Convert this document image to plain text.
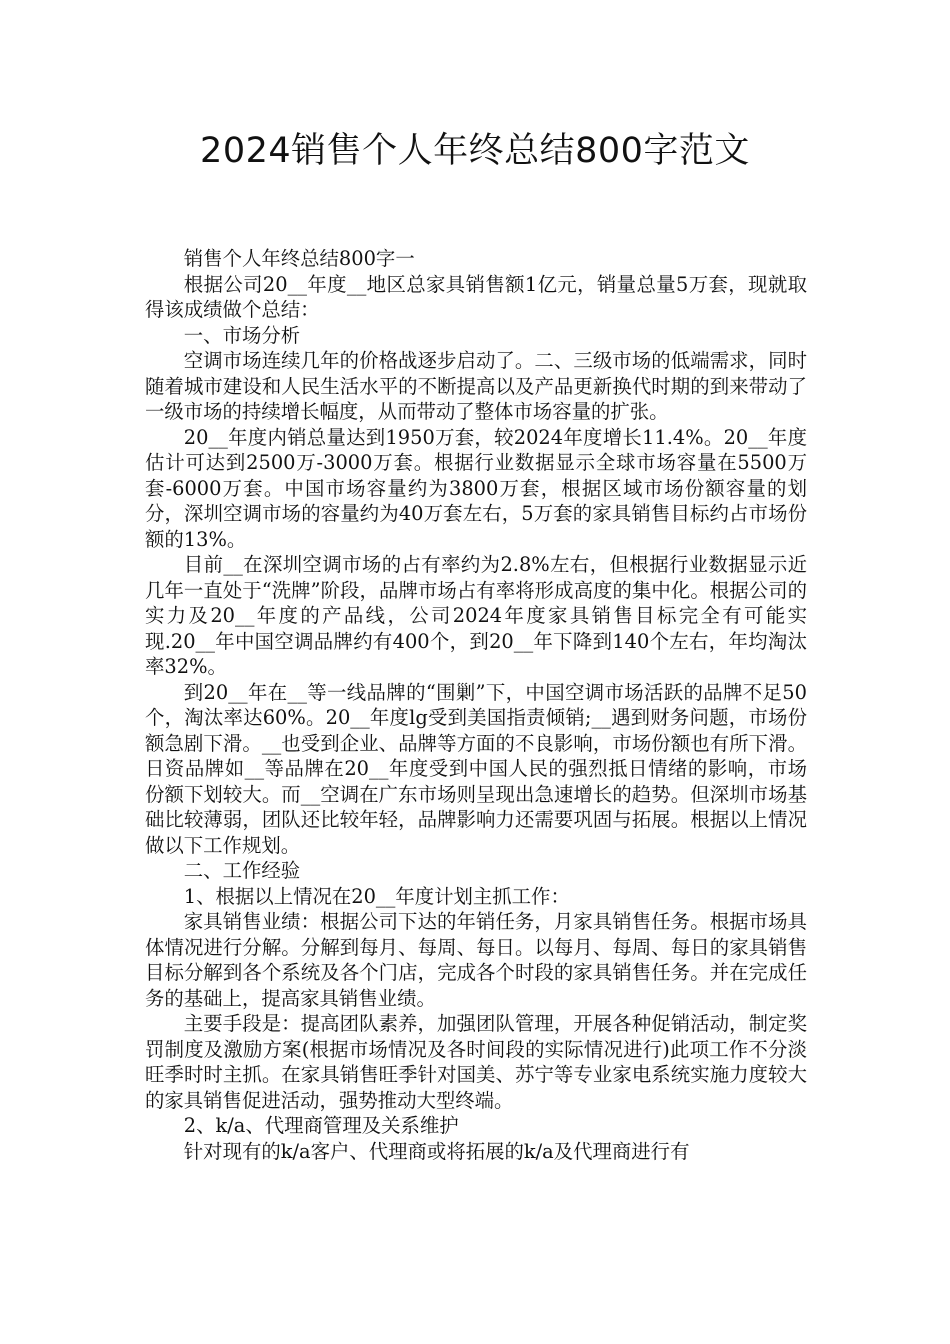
2024销售个人年终总结800字范文

销售个人年终总结800字一

根据公司20__年度__地区总家具销售额1亿元，销量总量5万套，现就取得该成绩做个总结：

一、市场分析

空调市场连续几年的价格战逐步启动了。二、三级市场的低端需求，同时随着城市建设和人民生活水平的不断提高以及产品更新换代时期的到来带动了一级市场的持续增长幅度，从而带动了整体市场容量的扩张。

20__年度内销总量达到1950万套，较2024年度增长11.4%。20__年度估计可达到2500万-3000万套。根据行业数据显示全球市场容量在5500万套-6000万套。中国市场容量约为3800万套，根据区域市场份额容量的划分，深圳空调市场的容量约为40万套左右，5万套的家具销售目标约占市场份额的13%。

目前__在深圳空调市场的占有率约为2.8%左右，但根据行业数据显示近几年一直处于“洗牌”阶段，品牌市场占有率将形成高度的集中化。根据公司的实力及20__年度的产品线，公司2024年度家具销售目标完全有可能实现.20__年中国空调品牌约有400个，到20__年下降到140个左右，年均淘汰率32%。

到20__年在__等一线品牌的“围剿”下，中国空调市场活跃的品牌不足50个，淘汰率达60%。20__年度lg受到美国指责倾销;__遇到财务问题，市场份额急剧下滑。__也受到企业、品牌等方面的不良影响，市场份额也有所下滑。日资品牌如__等品牌在20__年度受到中国人民的强烈抵日情绪的影响，市场份额下划较大。而__空调在广东市场则呈现出急速增长的趋势。但深圳市场基础比较薄弱，团队还比较年轻，品牌影响力还需要巩固与拓展。根据以上情况做以下工作规划。

二、工作经验

1、根据以上情况在20__年度计划主抓工作：

家具销售业绩：根据公司下达的年销任务，月家具销售任务。根据市场具体情况进行分解。分解到每月、每周、每日。以每月、每周、每日的家具销售目标分解到各个系统及各个门店，完成各个时段的家具销售任务。并在完成任务的基础上，提高家具销售业绩。

主要手段是：提高团队素养，加强团队管理，开展各种促销活动，制定奖罚制度及激励方案(根据市场情况及各时间段的实际情况进行)此项工作不分淡旺季时时主抓。在家具销售旺季针对国美、苏宁等专业家电系统实施力度较大的家具销售促进活动，强势推动大型终端。

2、k/a、代理商管理及关系维护

针对现有的k/a客户、代理商或将拓展的k/a及代理商进行有
